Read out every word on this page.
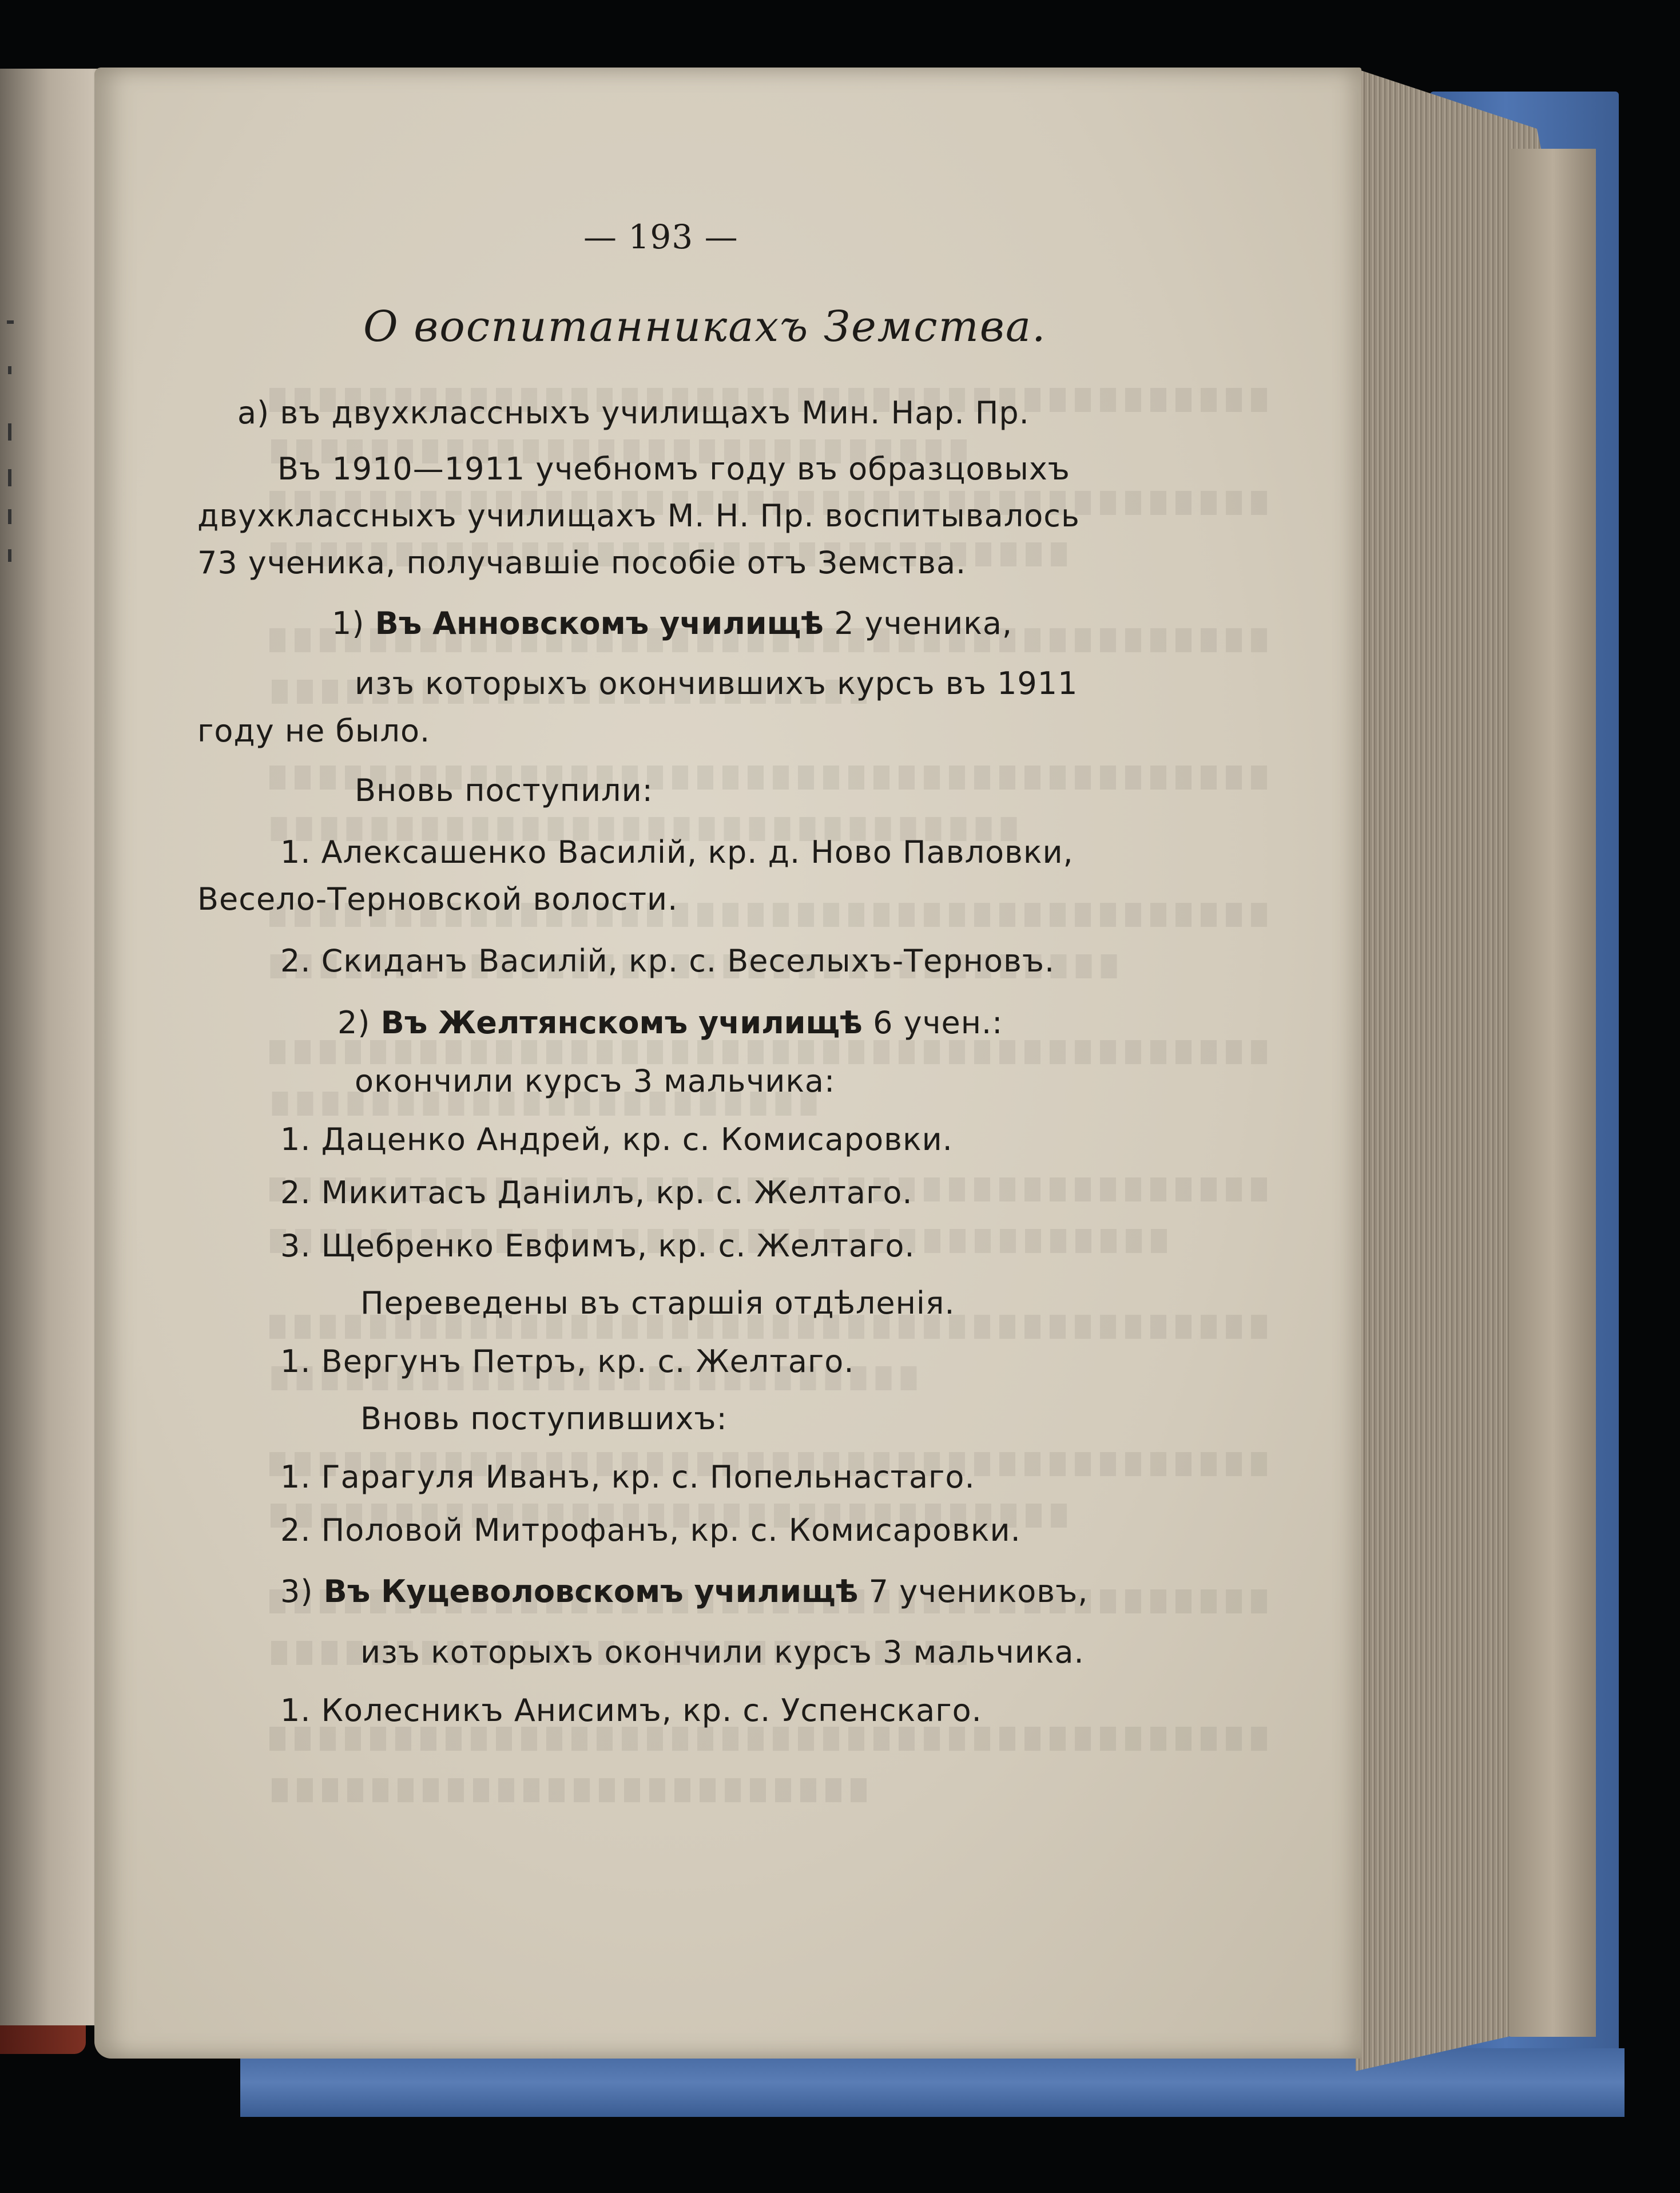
— 193 —
О воспитанникахъ Земства.
а) въ двухклассныхъ училищахъ Мин. Нар. Пр.
Въ 1910—1911 учебномъ году въ образцовыхъ
двухклассныхъ училищахъ М. Н. Пр. воспитывалось
73 ученика, получавшіе пособіе отъ Земства.
1) Въ Анновскомъ училищѣ 2 ученика,
изъ которыхъ окончившихъ курсъ въ 1911
году не было.
Вновь поступили:
1. Алексашенко Василій, кр. д. Ново Павловки,
Весело-Терновской волости.
2. Скиданъ Василій, кр. с. Веселыхъ-Терновъ.
2) Въ Желтянскомъ училищѣ 6 учен.:
окончили курсъ 3 мальчика:
1. Даценко Андрей, кр. с. Комисаровки.
2. Микитасъ Даніилъ, кр. с. Желтаго.
3. Щебренко Евфимъ, кр. с. Желтаго.
Переведены въ старшія отдѣленія.
1. Вергунъ Петръ, кр. с. Желтаго.
Вновь поступившихъ:
1. Гарагуля Иванъ, кр. с. Попельнастаго.
2. Половой Митрофанъ, кр. с. Комисаровки.
3) Въ Куцеволовскомъ училищѣ 7 учениковъ,
изъ которыхъ окончили курсъ 3 мальчика.
1. Колесникъ Анисимъ, кр. с. Успенскаго.
